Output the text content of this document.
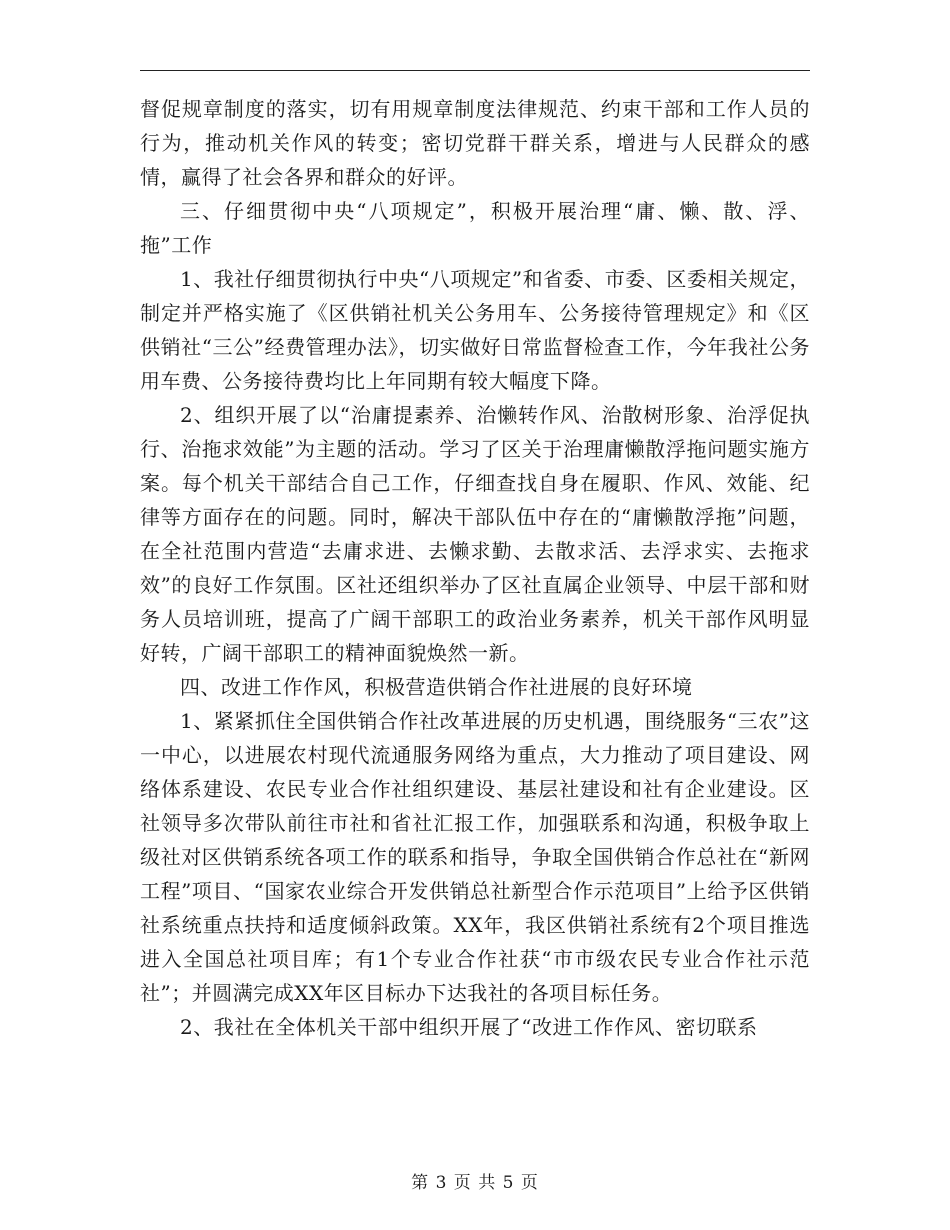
督促规章制度的落实，切有用规章制度法律规范、约束干部和工作人员的行为，推动机关作风的转变；密切党群干群关系，增进与人民群众的感情，赢得了社会各界和群众的好评。

三、仔细贯彻中央“八项规定”，积极开展治理“庸、懒、散、浮、拖”工作

1、我社仔细贯彻执行中央“八项规定”和省委、市委、区委相关规定，制定并严格实施了《区供销社机关公务用车、公务接待管理规定》和《区供销社“三公”经费管理办法》，切实做好日常监督检查工作，今年我社公务用车费、公务接待费均比上年同期有较大幅度下降。

2、组织开展了以“治庸提素养、治懒转作风、治散树形象、治浮促执行、治拖求效能”为主题的活动。学习了区关于治理庸懒散浮拖问题实施方案。每个机关干部结合自己工作，仔细查找自身在履职、作风、效能、纪律等方面存在的问题。同时，解决干部队伍中存在的“庸懒散浮拖”问题，在全社范围内营造“去庸求进、去懒求勤、去散求活、去浮求实、去拖求效”的良好工作氛围。区社还组织举办了区社直属企业领导、中层干部和财务人员培训班，提高了广阔干部职工的政治业务素养，机关干部作风明显好转，广阔干部职工的精神面貌焕然一新。

四、改进工作作风，积极营造供销合作社进展的良好环境

1、紧紧抓住全国供销合作社改革进展的历史机遇，围绕服务“三农”这一中心，以进展农村现代流通服务网络为重点，大力推动了项目建设、网络体系建设、农民专业合作社组织建设、基层社建设和社有企业建设。区社领导多次带队前往市社和省社汇报工作，加强联系和沟通，积极争取上级社对区供销系统各项工作的联系和指导，争取全国供销合作总社在“新网工程”项目、“国家农业综合开发供销总社新型合作示范项目”上给予区供销社系统重点扶持和适度倾斜政策。XX年，我区供销社系统有2个项目推选进入全国总社项目库；有1个专业合作社获“市市级农民专业合作社示范社”；并圆满完成XX年区目标办下达我社的各项目标任务。

2、我社在全体机关干部中组织开展了“改进工作作风、密切联系

第 3 页 共 5 页
